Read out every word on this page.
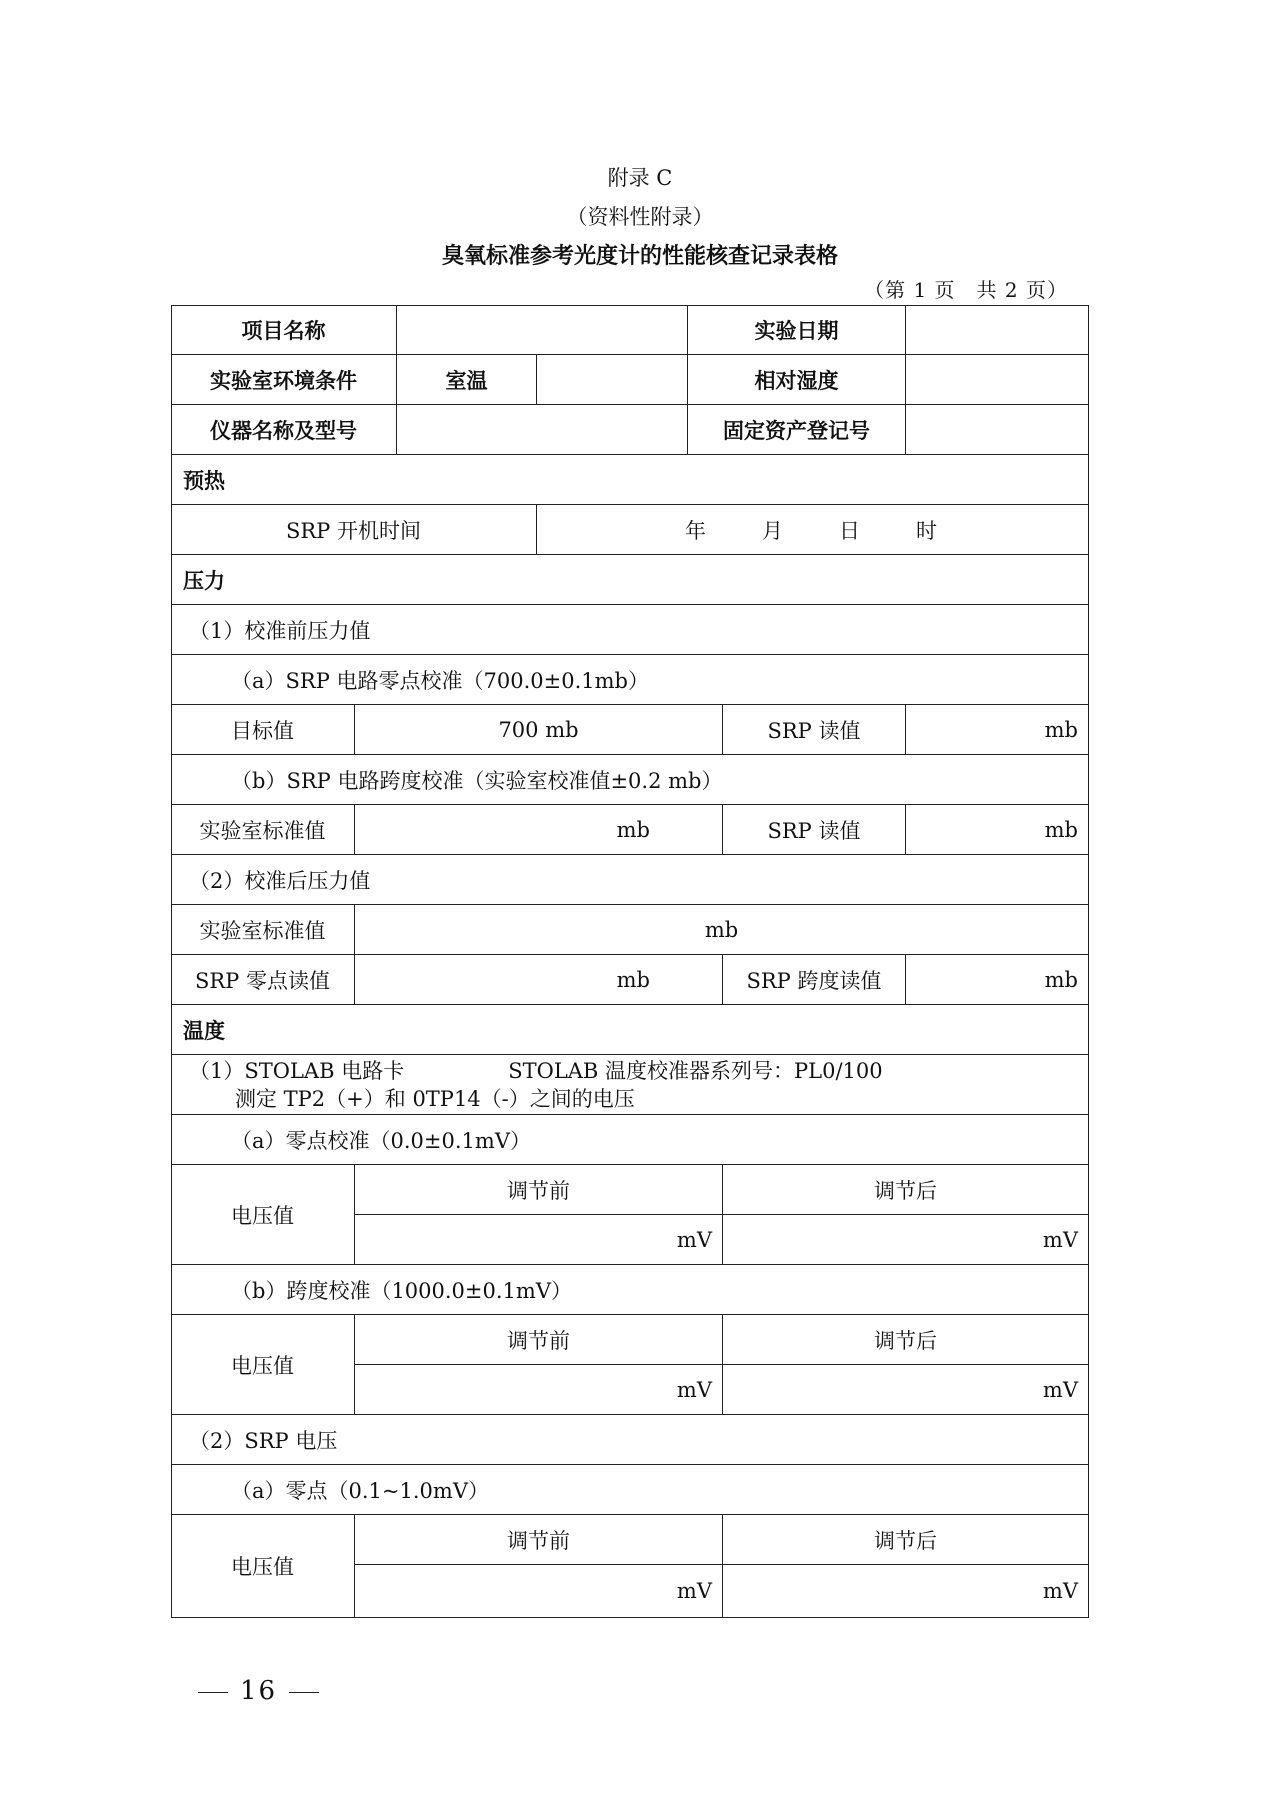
附录 C
（资料性附录）
臭氧标准参考光度计的性能核查记录表格
（第 1 页　共 2 页）
项目名称	实验日期
实验室环境条件	室温	相对湿度
仪器名称及型号	固定资产登记号
预热
SRP 开机时间	年	月	日	时
压力
（1）校准前压力值
（a）SRP 电路零点校准（700.0±0.1mb）
目标值	700 mb	SRP 读值	mb
（b）SRP 电路跨度校准（实验室校准值±0.2 mb）
实验室标准值	mb	SRP 读值	mb
（2）校准后压力值
实验室标准值	mb
SRP 零点读值	mb	SRP 跨度读值	mb
温度
（1）STOLAB 电路卡	STOLAB 温度校准器系列号：PL0/100
测定 TP2（+）和 0TP14（-）之间的电压
（a）零点校准（0.0±0.1mV）
电压值
调节前	调节后
mV	mV
（b）跨度校准（1000.0±0.1mV）
电压值
调节前	调节后
mV	mV
（2）SRP 电压
（a）零点（0.1~1.0mV）
电压值
调节前	调节后
mV	mV
16
